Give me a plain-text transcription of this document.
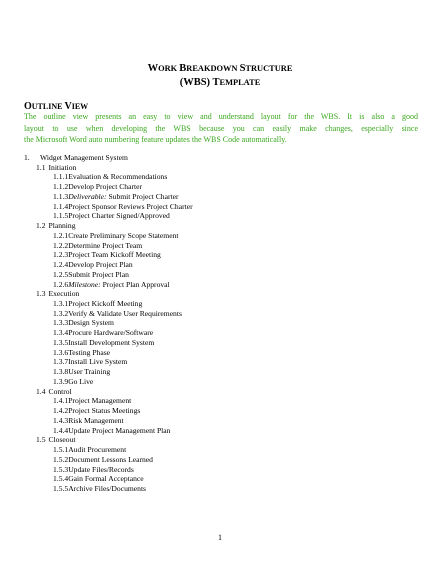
WORK BREAKDOWN STRUCTURE
(WBS) TEMPLATE
OUTLINE VIEW
The outline view presents an easy to view and understand layout for the WBS. It is also a good
layout to use when developing the WBS because you can easily make changes, especially since
the Microsoft Word auto numbering feature updates the WBS Code automatically.
1. Widget Management System
1.1 Initiation
1.1.1Evaluation & Recommendations
1.1.2Develop Project Charter
1.1.3Deliverable: Submit Project Charter
1.1.4Project Sponsor Reviews Project Charter
1.1.5Project Charter Signed/Approved
1.2 Planning
1.2.1Create Preliminary Scope Statement
1.2.2Determine Project Team
1.2.3Project Team Kickoff Meeting
1.2.4Develop Project Plan
1.2.5Submit Project Plan
1.2.6Milestone: Project Plan Approval
1.3 Execution
1.3.1Project Kickoff Meeting
1.3.2Verify & Validate User Requirements
1.3.3Design System
1.3.4Procure Hardware/Software
1.3.5Install Development System
1.3.6Testing Phase
1.3.7Install Live System
1.3.8User Training
1.3.9Go Live
1.4 Control
1.4.1Project Management
1.4.2Project Status Meetings
1.4.3Risk Management
1.4.4Update Project Management Plan
1.5 Closeout
1.5.1Audit Procurement
1.5.2Document Lessons Learned
1.5.3Update Files/Records
1.5.4Gain Formal Acceptance
1.5.5Archive Files/Documents
1
